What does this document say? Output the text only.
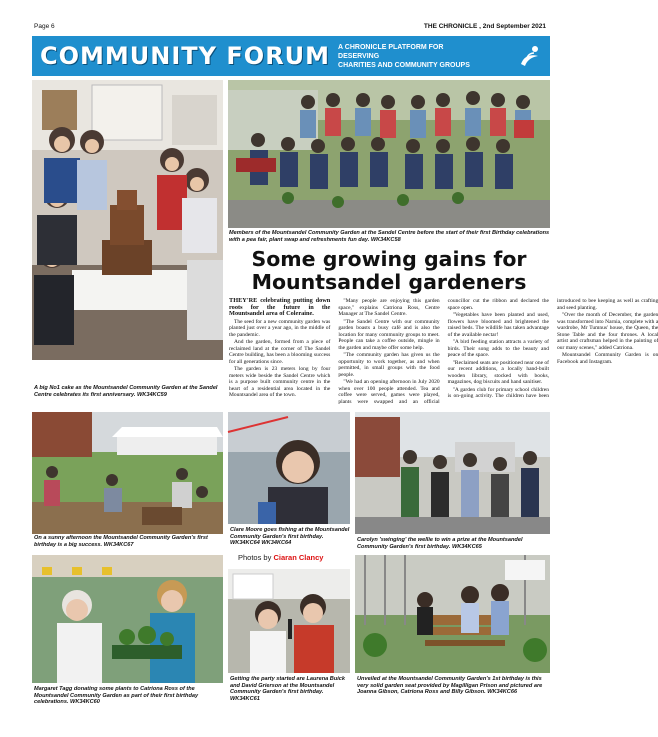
Page 6	THE CHRONICLE , 2nd September 2021
COMMUNITY FORUM A CHRONICLE PLATFORM FOR DESERVING
CHARITIES AND COMMUNITY GROUPS
A big No1 cake as the Mountsandel Community Garden at the Sandel Centre celebrates its first anniversary. WK34KC59
Members of the Mountsandel Community Garden at the Sandel Centre before the start of their first Birthday celebrations with a pea fair, plant swap and refreshments fun day. WK34KC58
Some growing gains for Mountsandel gardeners

THEY'RE celebrating putting down roots for the future in the Mountsandel area of Coleraine.

The seed for a new community garden was planted just over a year ago, in the middle of the pandemic.

And the garden, formed from a piece of reclaimed land at the corner of The Sandel Centre building, has been a blooming success for all generations since.

The garden is 23 meters long by four meters wide beside the Sandel Centre which is a purpose built community centre in the heart of a residential area located in the Mountsandel area of the town.

"Many people are enjoying this garden space," explains Catriona Ross, Centre Manager at The Sandel Centre.

"The Sandel Centre with our community garden boasts a busy café and is also the location for many community groups to meet. People can take a coffee outside, mingle in the garden and maybe offer some help.

"The community garden has given us the opportunity to work together, as and when permitted, in small groups with the food people.

"We had an opening afternoon in July 2020 when over 100 people attended. Tea and coffee were served, games were played, plants were swapped and an official councillor cut the ribbon and declared the space open.

"Vegetables have been planted and used, flowers have bloomed and brightened the raised beds. The wildlife has taken advantage of the available nectar!

"A bird feeding station attracts a variety of birds. Their song adds to the beauty and peace of the space.

"Reclaimed seats are positioned near one of our recent additions, a locally hand-built wooden library, stocked with books, magazines, dog biscuits and hand sanitiser.

"A garden club for primary school children is on-going activity. The children have been introduced to bee keeping as well as crafting and seed planting.

"Over the month of December, the garden was transformed into Narnia, complete with a wardrobe, Mr Tumnus' house, the Queen, the Stone Table and the four thrones. A local artist and craftsman helped in the painting of our many scenes," added Catriona.

Mountsandel Community Garden is on Facebook and Instagram.

On a sunny afternoon the Mountsandel Community Garden's first birthday is a big success. WK34KC67
Clare Moore goes fishing at the Mountsandel Community Garden's first birthday. WK34KC64 WK34KC64
Photos by Ciaran Clancy
Carolyn 'swinging' the wellie to win a prize at the Mountsandel Community Garden's first birthday. WK34KC65
Margaret Tagg donating some plants to Catriona Ross of the Mountsandel Community Garden as part of their first birthday celebrations. WK34KC60
Getting the party started are Laurena Buick and David Grierson at the Mountsandel Community Garden's first birthday. WK34KC61
Unveiled at the Mountsandel Community Garden's 1st birthday is this very solid garden seat provided by Magilligan Prison and pictured are Joanna Gibson, Catriona Ross and Billy Gibson. WK34KC66
